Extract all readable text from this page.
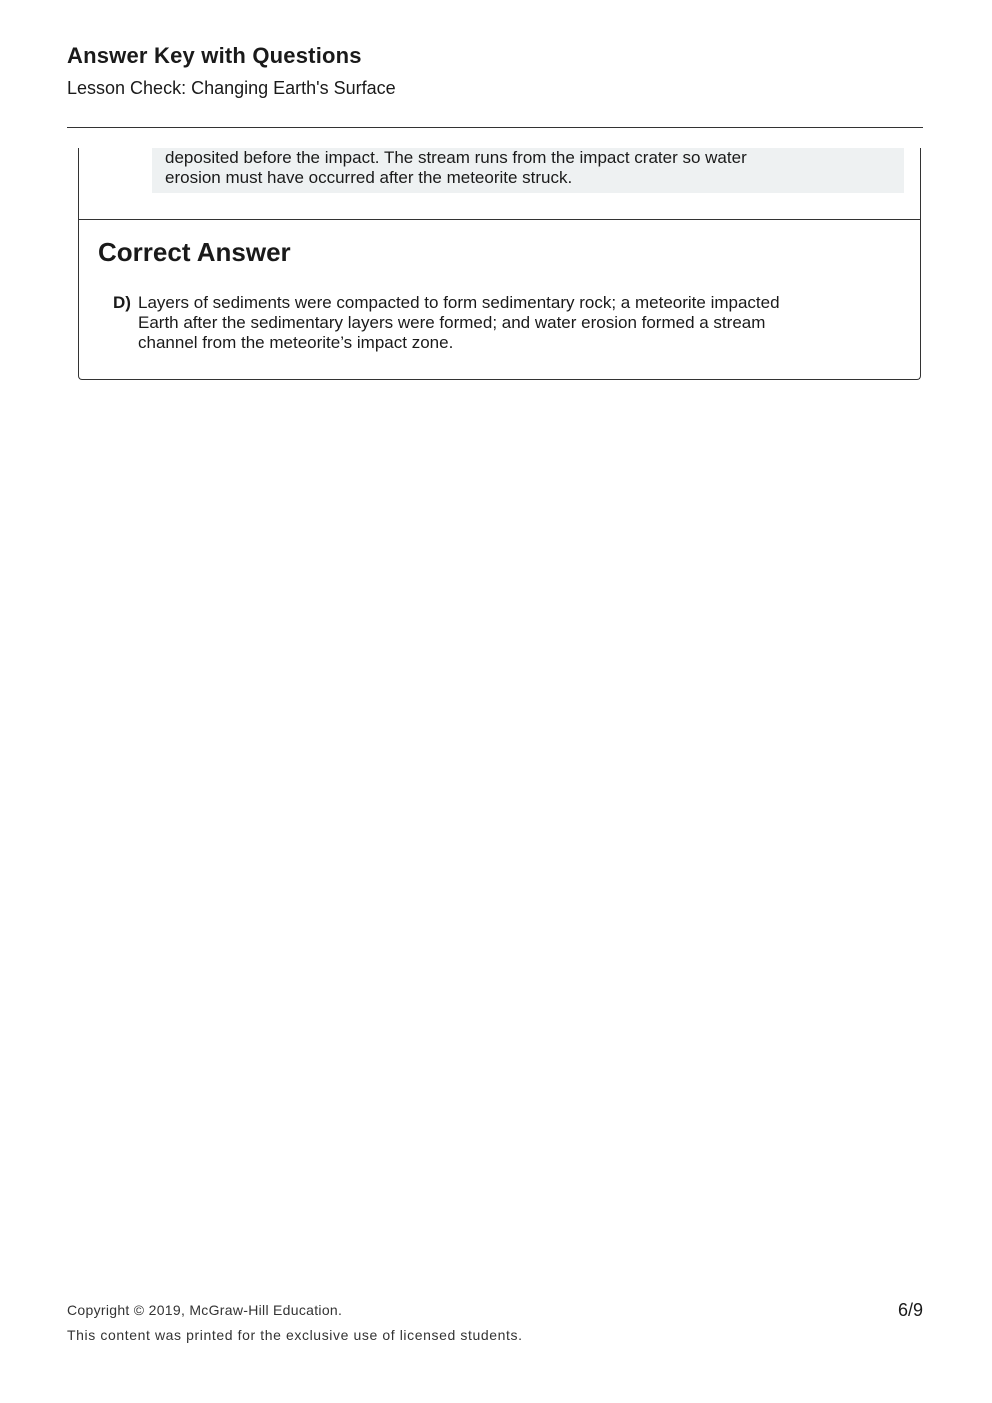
Answer Key with Questions
Lesson Check: Changing Earth's Surface

deposited before the impact. The stream runs from the impact crater so water
erosion must have occurred after the meteorite struck.

Correct Answer
D) Layers of sediments were compacted to form sedimentary rock; a meteorite impacted
Earth after the sedimentary layers were formed; and water erosion formed a stream
channel from the meteorite’s impact zone.

Copyright © 2019, McGraw-Hill Education.
This content was printed for the exclusive use of licensed students.
6/9
